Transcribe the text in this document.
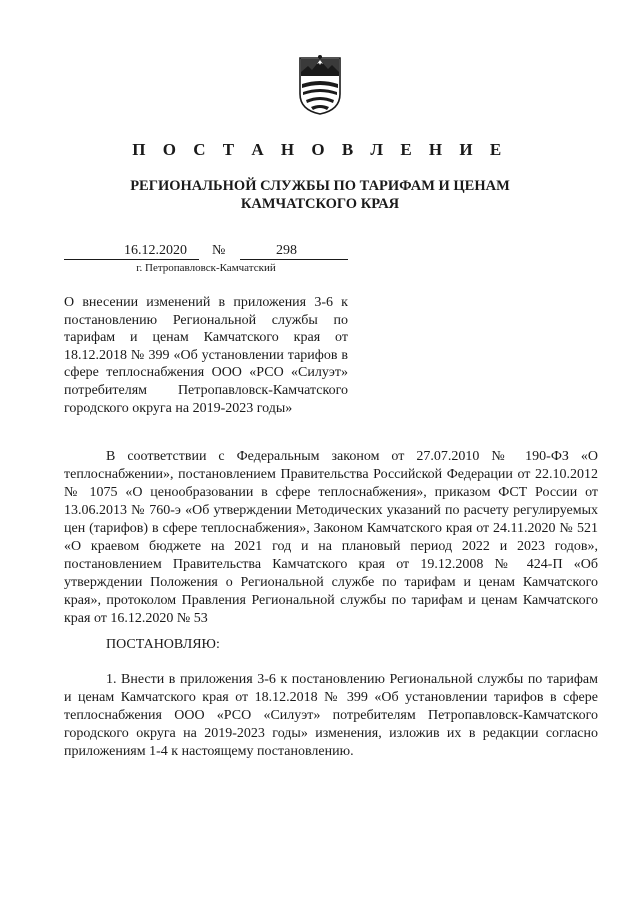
П О С Т А Н О В Л Е Н И Е
РЕГИОНАЛЬНОЙ СЛУЖБЫ ПО ТАРИФАМ И ЦЕНАМ
КАМЧАТСКОГО КРАЯ
16.12.2020	№	298
г. Петропавловск-Камчатский

О внесении изменений в приложения 3-6 к постановлению Региональной службы по тарифам и ценам Камчатского края от 18.12.2018 № 399 «Об установлении тарифов в сфере теплоснабжения ООО «РСО «Силуэт» потребителям Петропавловск-Камчатского городского округа на 2019-2023 годы»

В соответствии с Федеральным законом от 27.07.2010 № 190-ФЗ «О теплоснабжении», постановлением Правительства Российской Федерации от 22.10.2012 № 1075 «О ценообразовании в сфере теплоснабжения», приказом ФСТ России от 13.06.2013 № 760-э «Об утверждении Методических указаний по расчету регулируемых цен (тарифов) в сфере теплоснабжения», Законом Камчатского края от 24.11.2020 № 521 «О краевом бюджете на 2021 год и на плановый период 2022 и 2023 годов», постановлением Правительства Камчатского края от 19.12.2008 № 424-П «Об утверждении Положения о Региональной службе по тарифам и ценам Камчатского края», протоколом Правления Региональной службы по тарифам и ценам Камчатского края от 16.12.2020 № 53

ПОСТАНОВЛЯЮ:

1. Внести в приложения 3-6 к постановлению Региональной службы по тарифам и ценам Камчатского края от 18.12.2018 № 399 «Об установлении тарифов в сфере теплоснабжения ООО «РСО «Силуэт» потребителям Петропавловск-Камчатского городского округа на 2019-2023 годы» изменения, изложив их в редакции согласно приложениям 1-4 к настоящему постановлению.
